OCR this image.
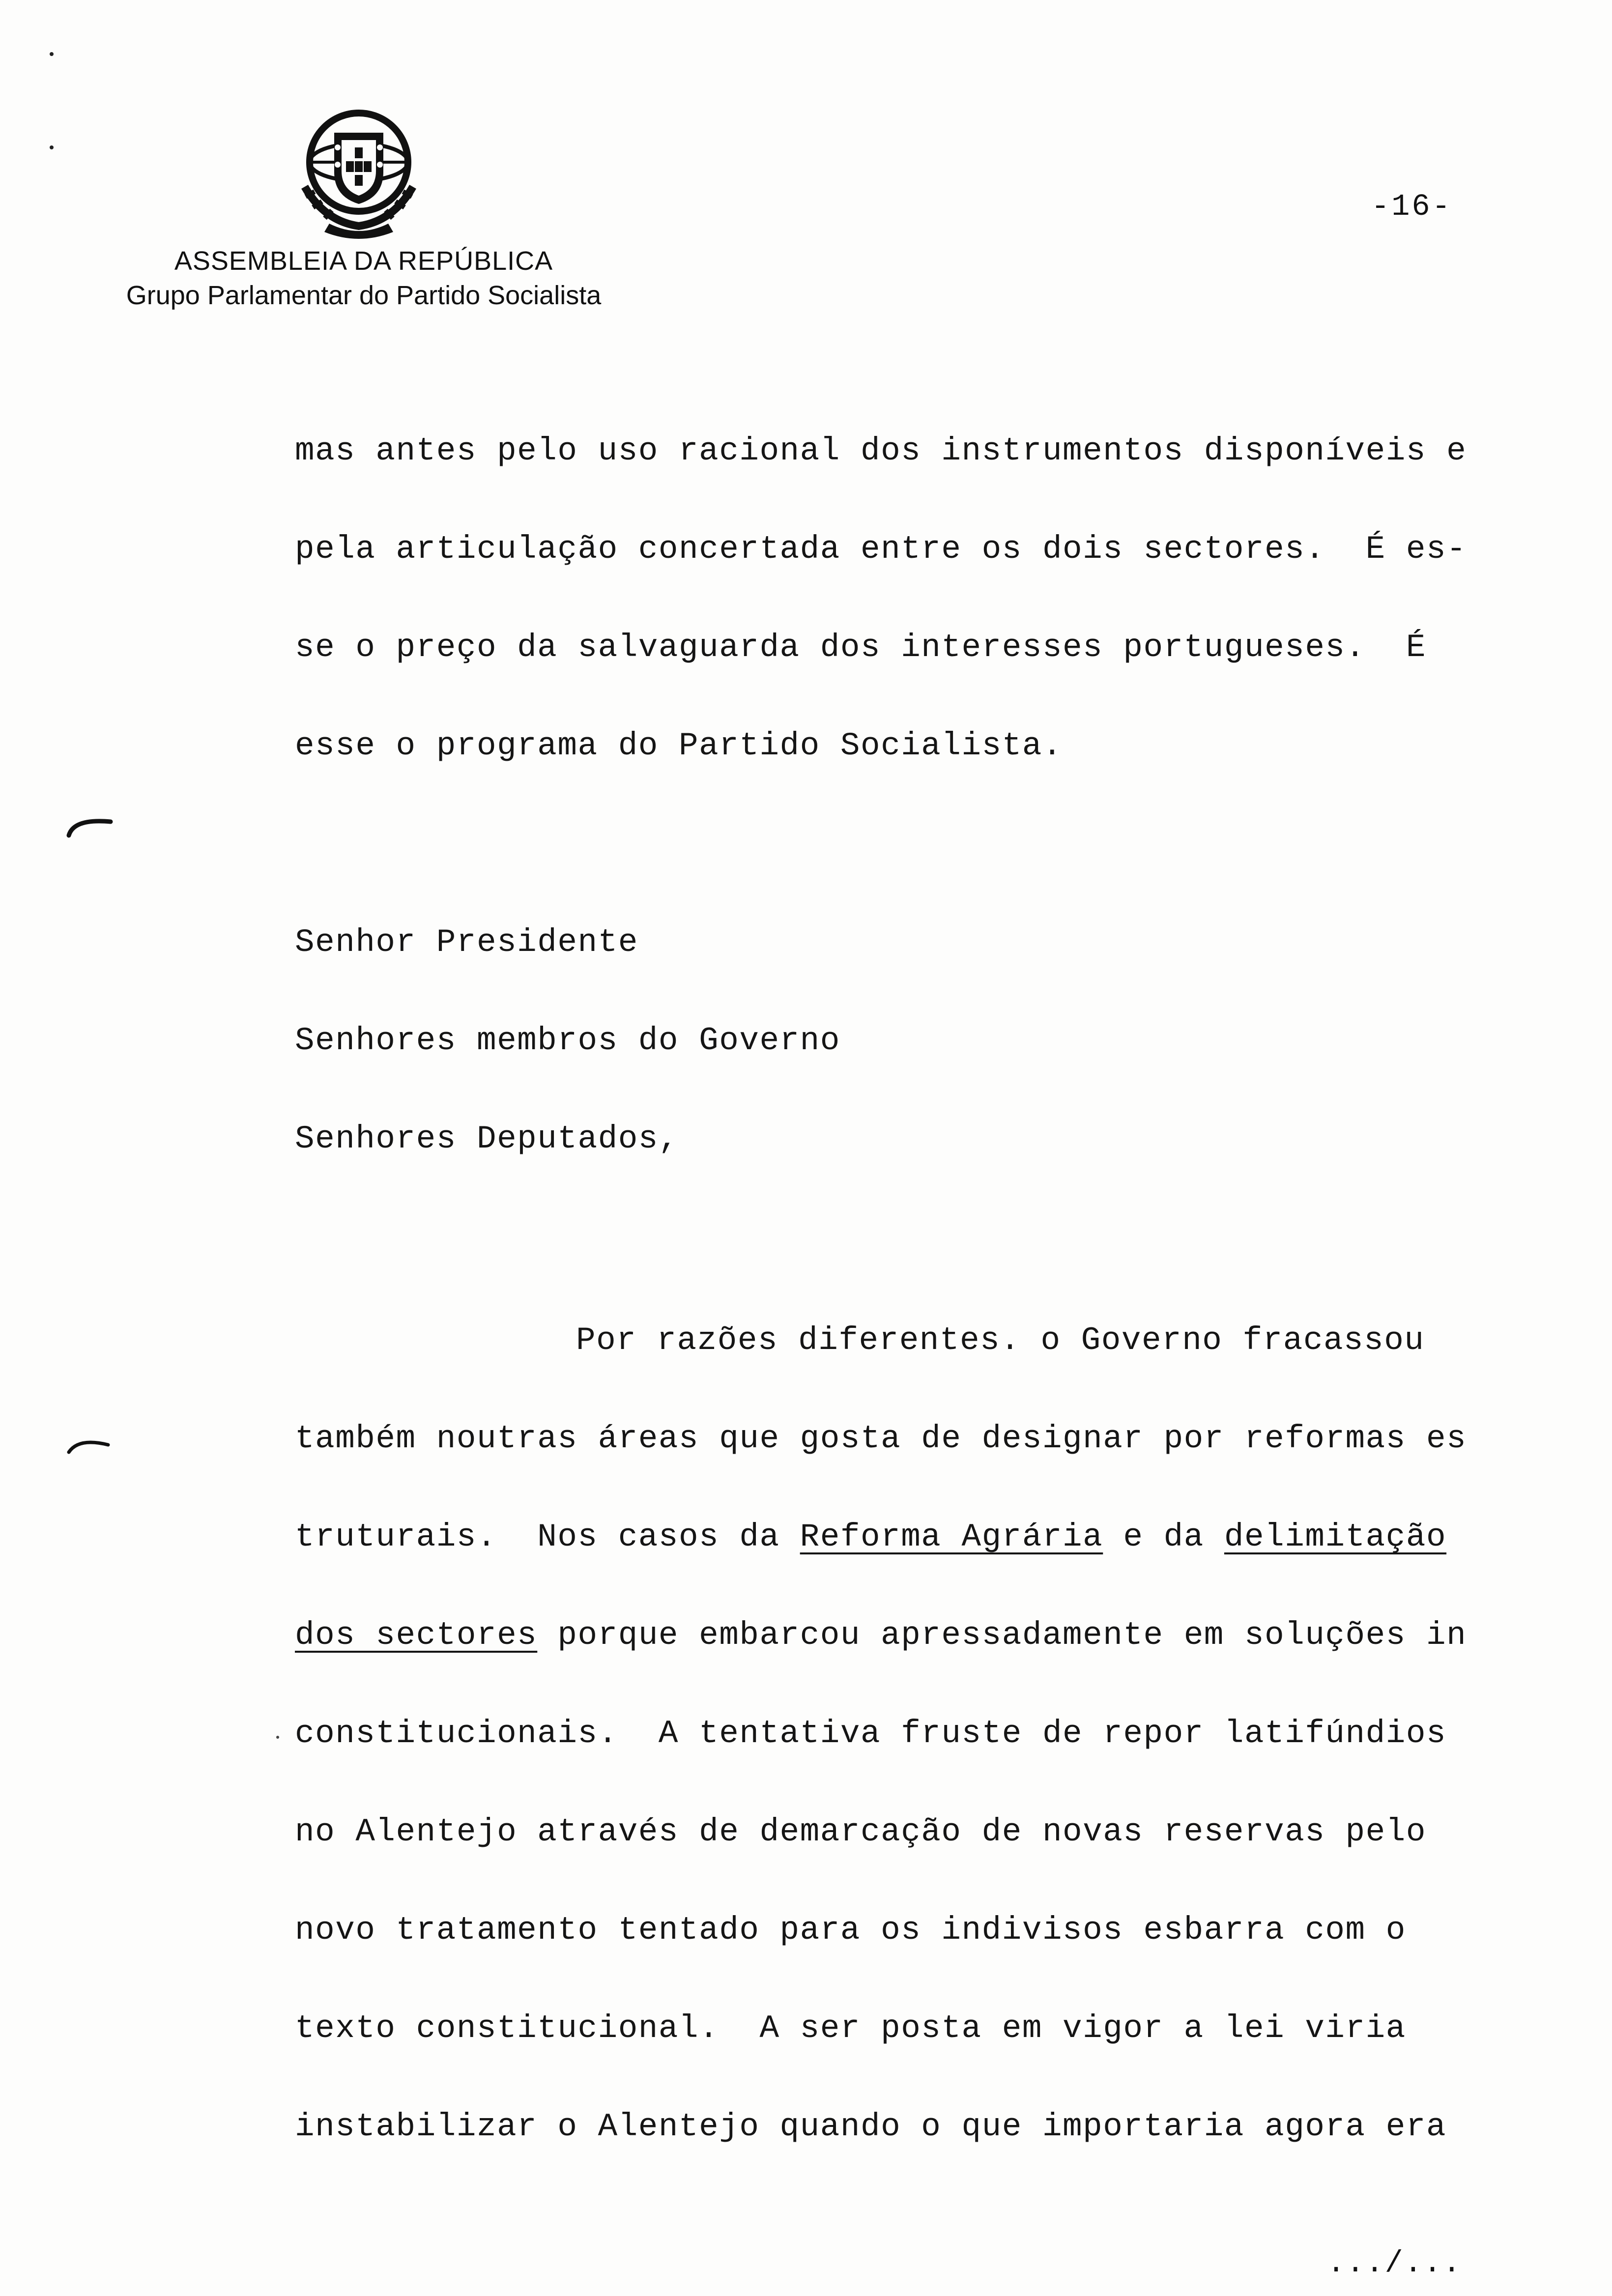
ASSEMBLEIA DA REPÚBLICA
Grupo Parlamentar do Partido Socialista
-16-
mas antes pelo uso racional dos instrumentos disponíveis e
pela articulação concertada entre os dois sectores.  É es-
se o preço da salvaguarda dos interesses portugueses.  É
esse o programa do Partido Socialista.
Senhor Presidente
Senhores membros do Governo
Senhores Deputados,
Por razões diferentes. o Governo fracassou
também noutras áreas que gosta de designar por reformas es
truturais.  Nos casos da Reforma Agrária e da delimitação
dos sectores porque embarcou apressadamente em soluções in
constitucionais.  A tentativa fruste de repor latifúndios
no Alentejo através de demarcação de novas reservas pelo
novo tratamento tentado para os indivisos esbarra com o
texto constitucional.  A ser posta em vigor a lei viria
instabilizar o Alentejo quando o que importaria agora era
.../...
